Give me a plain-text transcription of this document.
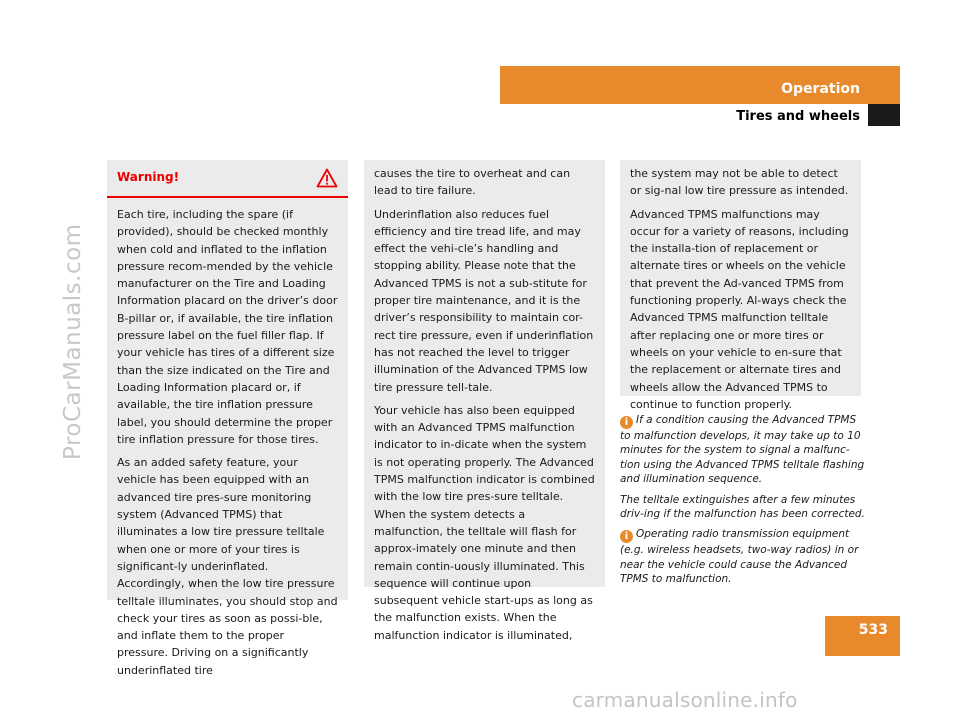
ProCarManuals.com
Operation
Tires and wheels
Warning!

Each tire, including the spare (if provided), should be checked monthly when cold and inflated to the inflation pressure recom-mended by the vehicle manufacturer on the Tire and Loading Information placard on the driver’s door B-pillar or, if available, the tire inflation pressure label on the fuel filler flap. If your vehicle has tires of a different size than the size indicated on the Tire and Loading Information placard or, if available, the tire inflation pressure label, you should determine the proper tire inflation pressure for those tires.

As an added safety feature, your vehicle has been equipped with an advanced tire pres-sure monitoring system (Advanced TPMS) that illuminates a low tire pressure telltale when one or more of your tires is significant-ly underinflated. Accordingly, when the low tire pressure telltale illuminates, you should stop and check your tires as soon as possi-ble, and inflate them to the proper pressure. Driving on a significantly underinflated tire

causes the tire to overheat and can lead to tire failure.

Underinflation also reduces fuel efficiency and tire tread life, and may effect the vehi-cle’s handling and stopping ability. Please note that the Advanced TPMS is not a sub-stitute for proper tire maintenance, and it is the driver’s responsibility to maintain cor-rect tire pressure, even if underinflation has not reached the level to trigger illumination of the Advanced TPMS low tire pressure tell-tale.

Your vehicle has also been equipped with an Advanced TPMS malfunction indicator to in-dicate when the system is not operating properly. The Advanced TPMS malfunction indicator is combined with the low tire pres-sure telltale. When the system detects a malfunction, the telltale will flash for approx-imately one minute and then remain contin-uously illuminated. This sequence will continue upon subsequent vehicle start-ups as long as the malfunction exists. When the malfunction indicator is illuminated,

the system may not be able to detect or sig-nal low tire pressure as intended.

Advanced TPMS malfunctions may occur for a variety of reasons, including the installa-tion of replacement or alternate tires or wheels on the vehicle that prevent the Ad-vanced TPMS from functioning properly. Al-ways check the Advanced TPMS malfunction telltale after replacing one or more tires or wheels on your vehicle to en-sure that the replacement or alternate tires and wheels allow the Advanced TPMS to continue to function properly.

i If a condition causing the Advanced TPMS to malfunction develops, it may take up to 10 minutes for the system to signal a malfunc-tion using the Advanced TPMS telltale flashing and illumination sequence.

The telltale extinguishes after a few minutes driv-ing if the malfunction has been corrected.

i Operating radio transmission equipment (e.g. wireless headsets, two-way radios) in or near the vehicle could cause the Advanced TPMS to malfunction.

533
carmanualsonline.info
